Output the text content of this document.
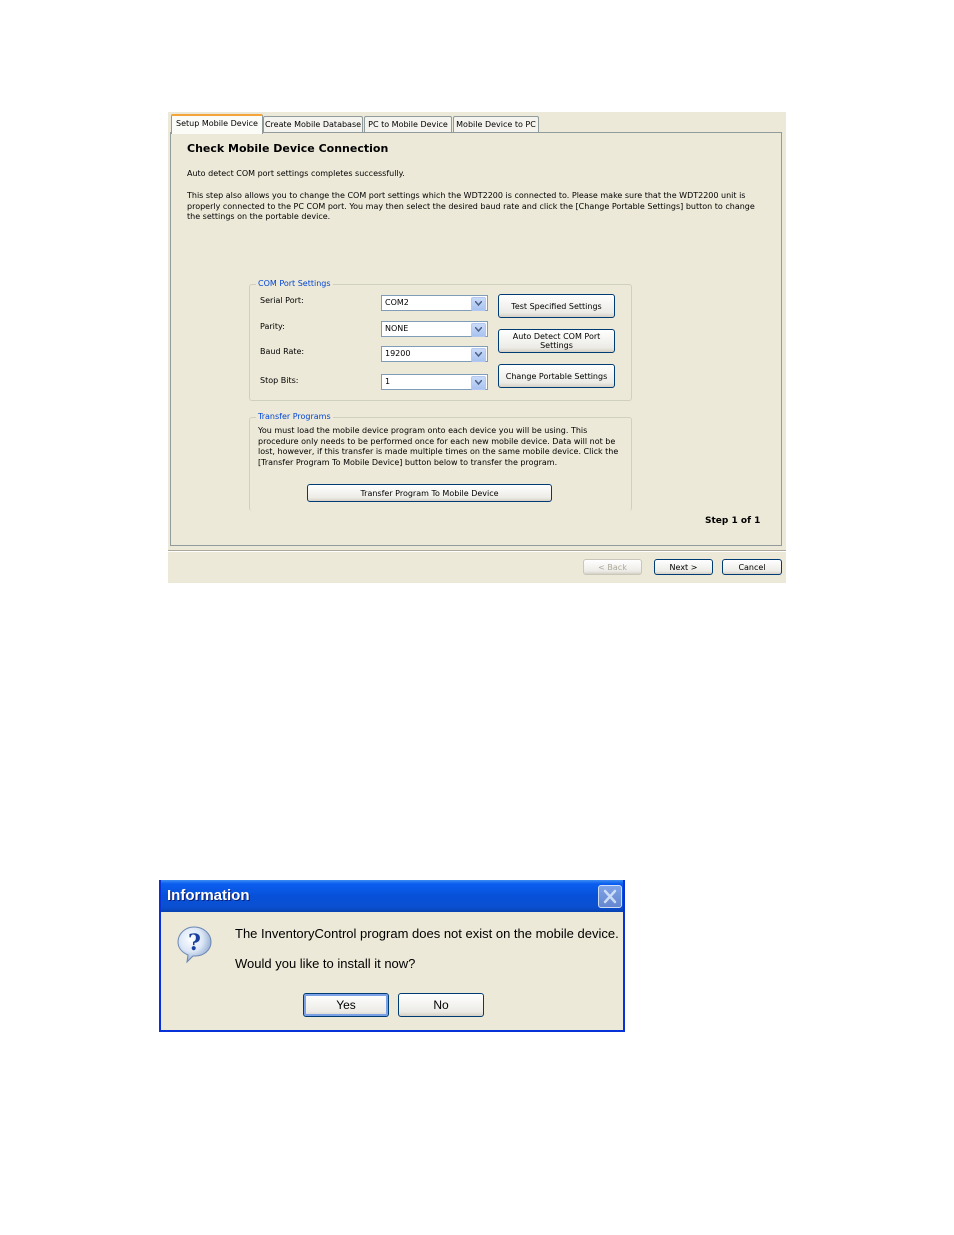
Setup Mobile Device Create Mobile Database PC to Mobile Device	Mobile Device to PC
Check Mobile Device Connection
Auto detect COM port settings completes successfully.
This step also allows you to change the COM port settings which the WDT2200 is connected to. Please make sure that the WDT2200 unit is properly connected to the PC COM port. You may then select the desired baud rate and click the [Change Portable Settings] button to change the settings on the portable device.
COM Port Settings
Serial Port:	COM2
Parity:	NONE
Baud Rate:	19200
Stop Bits:	1
Test Specified Settings
Auto Detect COM Port Settings
Change Portable Settings
Transfer Programs
You must load the mobile device program onto each device you will be using. This procedure only needs to be performed once for each new mobile device. Data will not be lost, however, if this transfer is made multiple times on the same mobile device. Click the [Transfer Program To Mobile Device] button below to transfer the program.
Transfer Program To Mobile Device
Step 1 of 1
< Back	Next >	Cancel
Information
?	The InventoryControl program does not exist on the mobile device.
Would you like to install it now?
Yes	No
